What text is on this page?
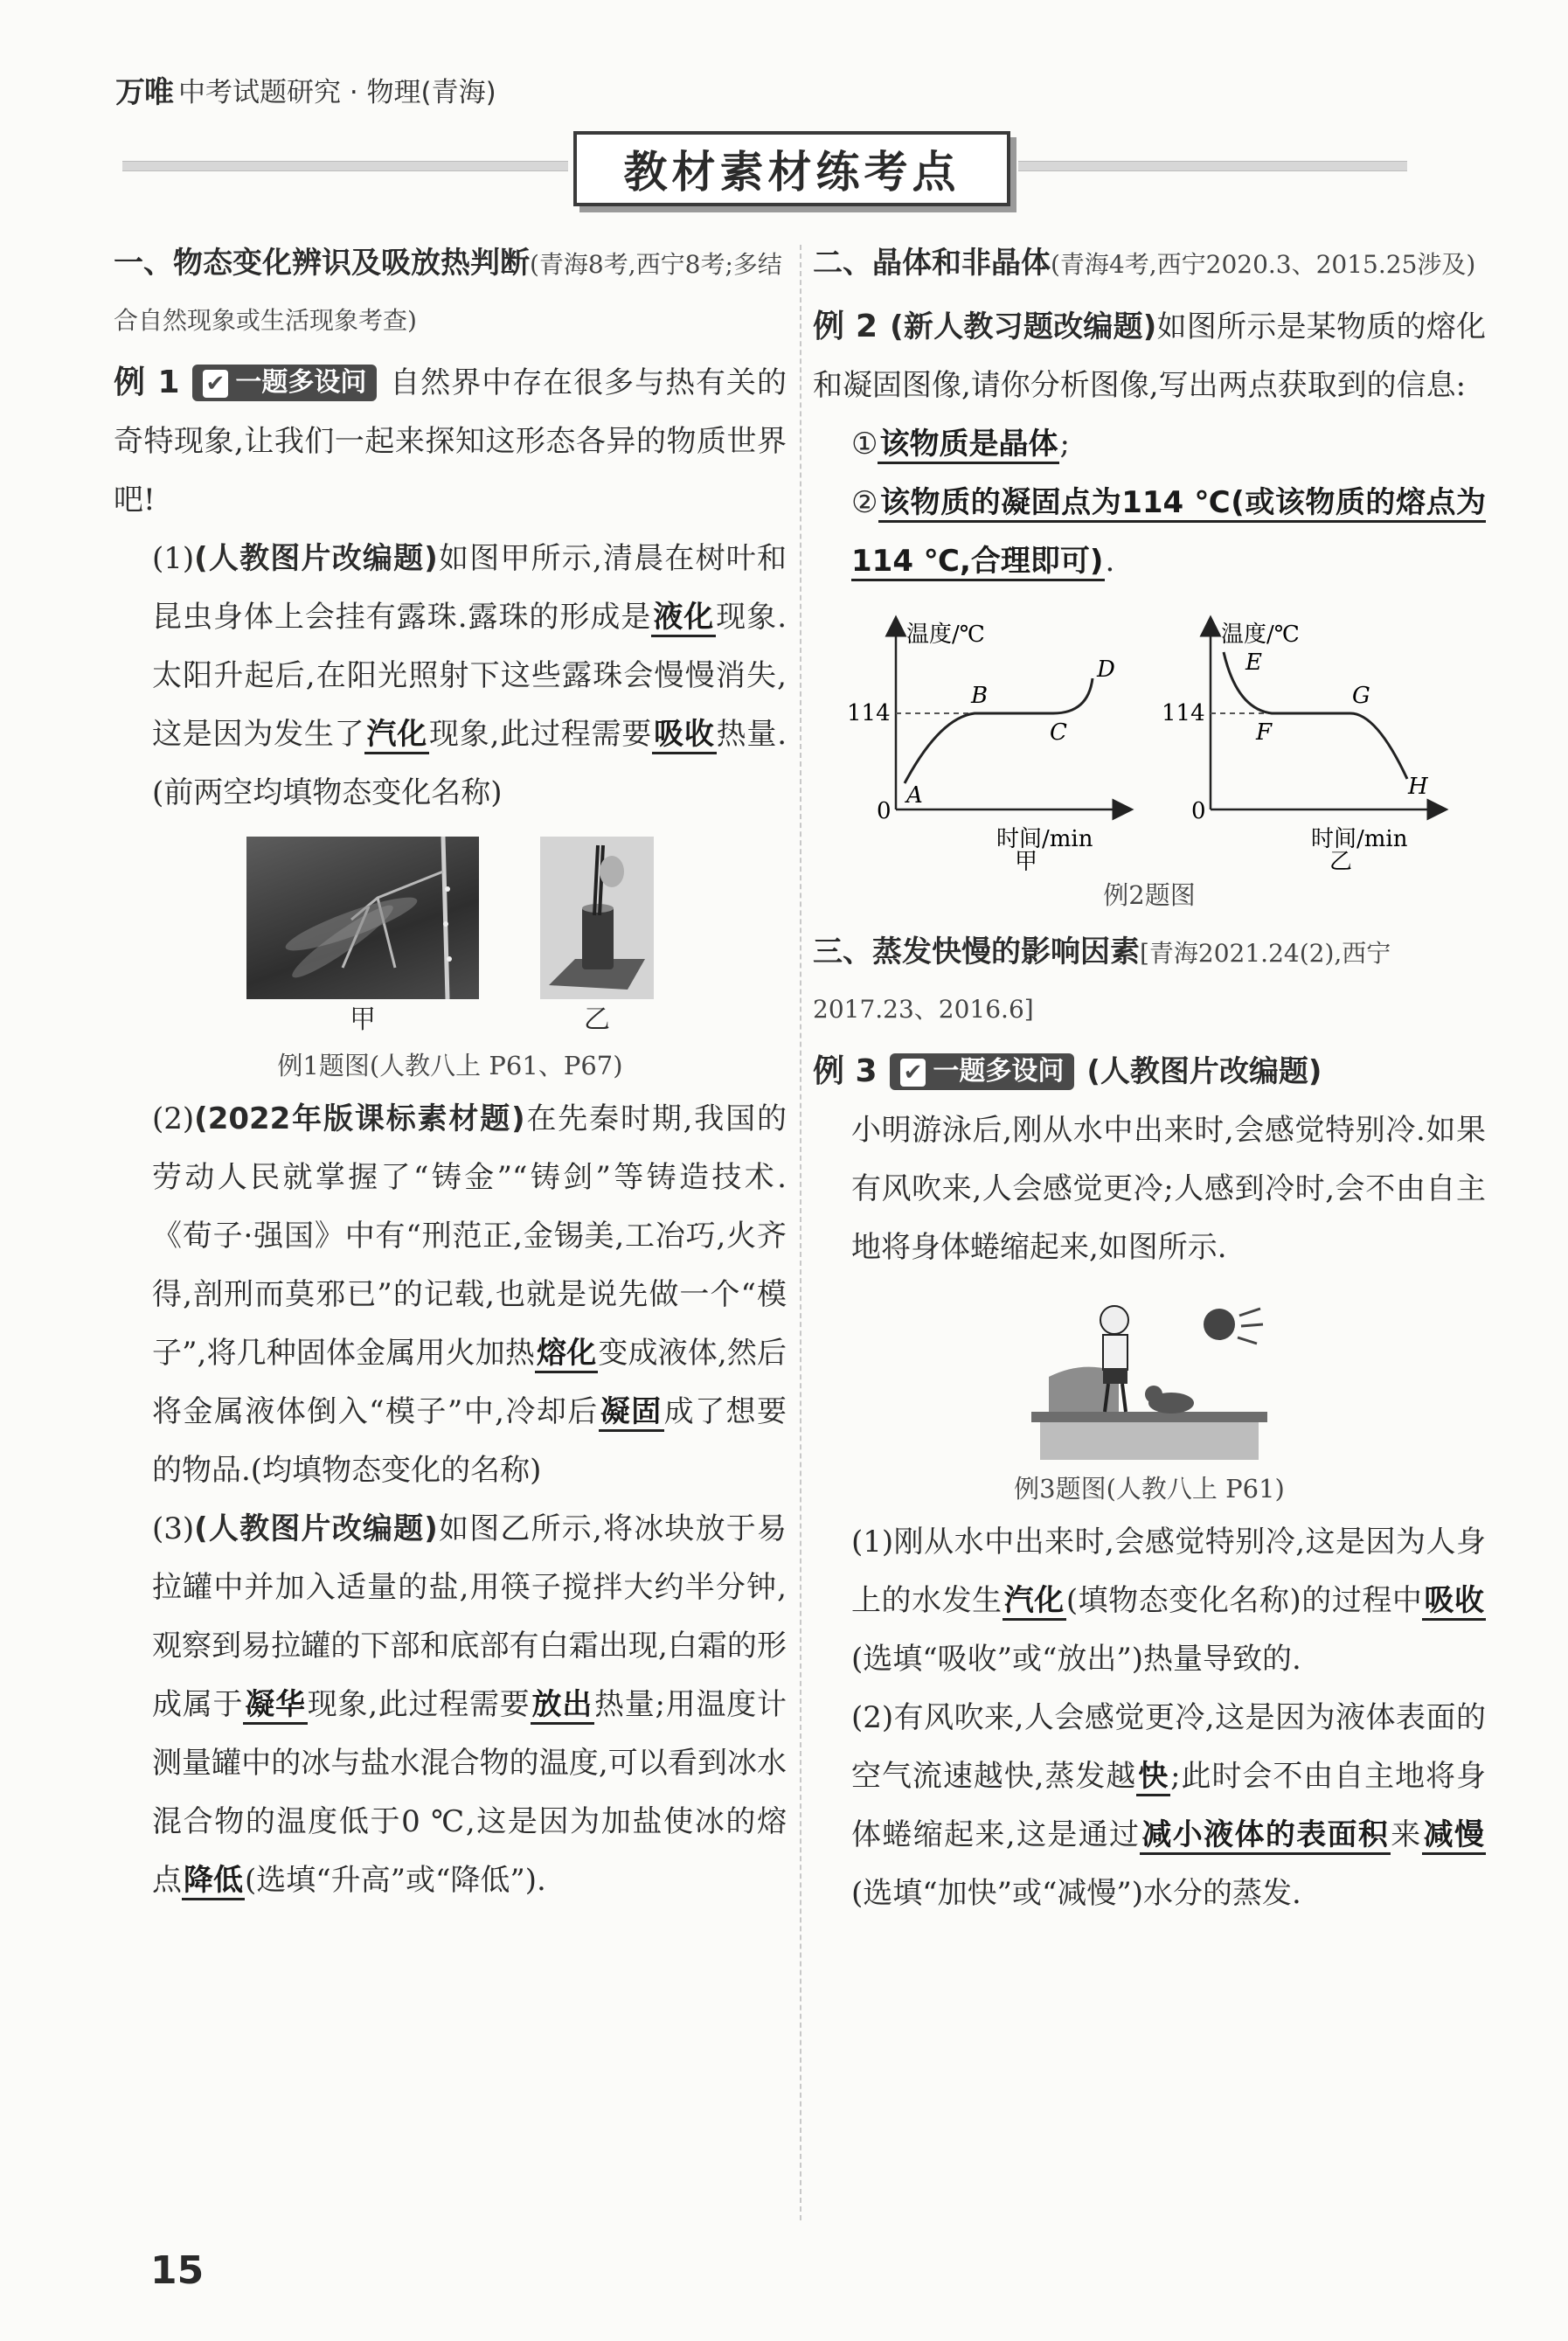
万唯 中考试题研究 · 物理(青海)
教材素材练考点

一、物态变化辨识及吸放热判断(青海8考,西宁8考;多结合自然现象或生活现象考查)

例 1 ✔ 一题多设问 自然界中存在很多与热有关的奇特现象,让我们一起来探知这形态各异的物质世界吧!

(1)(人教图片改编题)如图甲所示,清晨在树叶和昆虫身体上会挂有露珠.露珠的形成是液化现象.太阳升起后,在阳光照射下这些露珠会慢慢消失,这是因为发生了汽化现象,此过程需要吸收热量.(前两空均填物态变化名称)

甲	乙
例1题图(人教八上 P61、P67)

(2)(2022年版课标素材题)在先秦时期,我国的劳动人民就掌握了“铸金”“铸剑”等铸造技术.《荀子·强国》中有“刑范正,金锡美,工冶巧,火齐得,剖刑而莫邪已”的记载,也就是说先做一个“模子”,将几种固体金属用火加热熔化变成液体,然后将金属液体倒入“模子”中,冷却后凝固成了想要的物品.(均填物态变化的名称)

(3)(人教图片改编题)如图乙所示,将冰块放于易拉罐中并加入适量的盐,用筷子搅拌大约半分钟,观察到易拉罐的下部和底部有白霜出现,白霜的形成属于凝华现象,此过程需要放出热量;用温度计测量罐中的冰与盐水混合物的温度,可以看到冰水混合物的温度低于0 ℃,这是因为加盐使冰的熔点降低(选填“升高”或“降低”).

二、晶体和非晶体(青海4考,西宁2020.3、2015.25涉及)

例 2 (新人教习题改编题)如图所示是某物质的熔化和凝固图像,请你分析图像,写出两点获取到的信息:

①该物质是晶体;

②该物质的凝固点为114 ℃(或该物质的熔点为114 ℃,合理即可).

温度/℃
时间/min
114
0
A
B
C
D
甲
温度/℃
时间/min
114
0
E
F
G
H
乙
例2题图

三、蒸发快慢的影响因素[青海2021.24(2),西宁2017.23、2016.6]

例 3 ✔ 一题多设问 (人教图片改编题)

小明游泳后,刚从水中出来时,会感觉特别冷.如果有风吹来,人会感觉更冷;人感到冷时,会不由自主地将身体蜷缩起来,如图所示.

例3题图(人教八上 P61)

(1)刚从水中出来时,会感觉特别冷,这是因为人身上的水发生汽化(填物态变化名称)的过程中吸收(选填“吸收”或“放出”)热量导致的.

(2)有风吹来,人会感觉更冷,这是因为液体表面的空气流速越快,蒸发越快;此时会不由自主地将身体蜷缩起来,这是通过减小液体的表面积来减慢(选填“加快”或“减慢”)水分的蒸发.

15
